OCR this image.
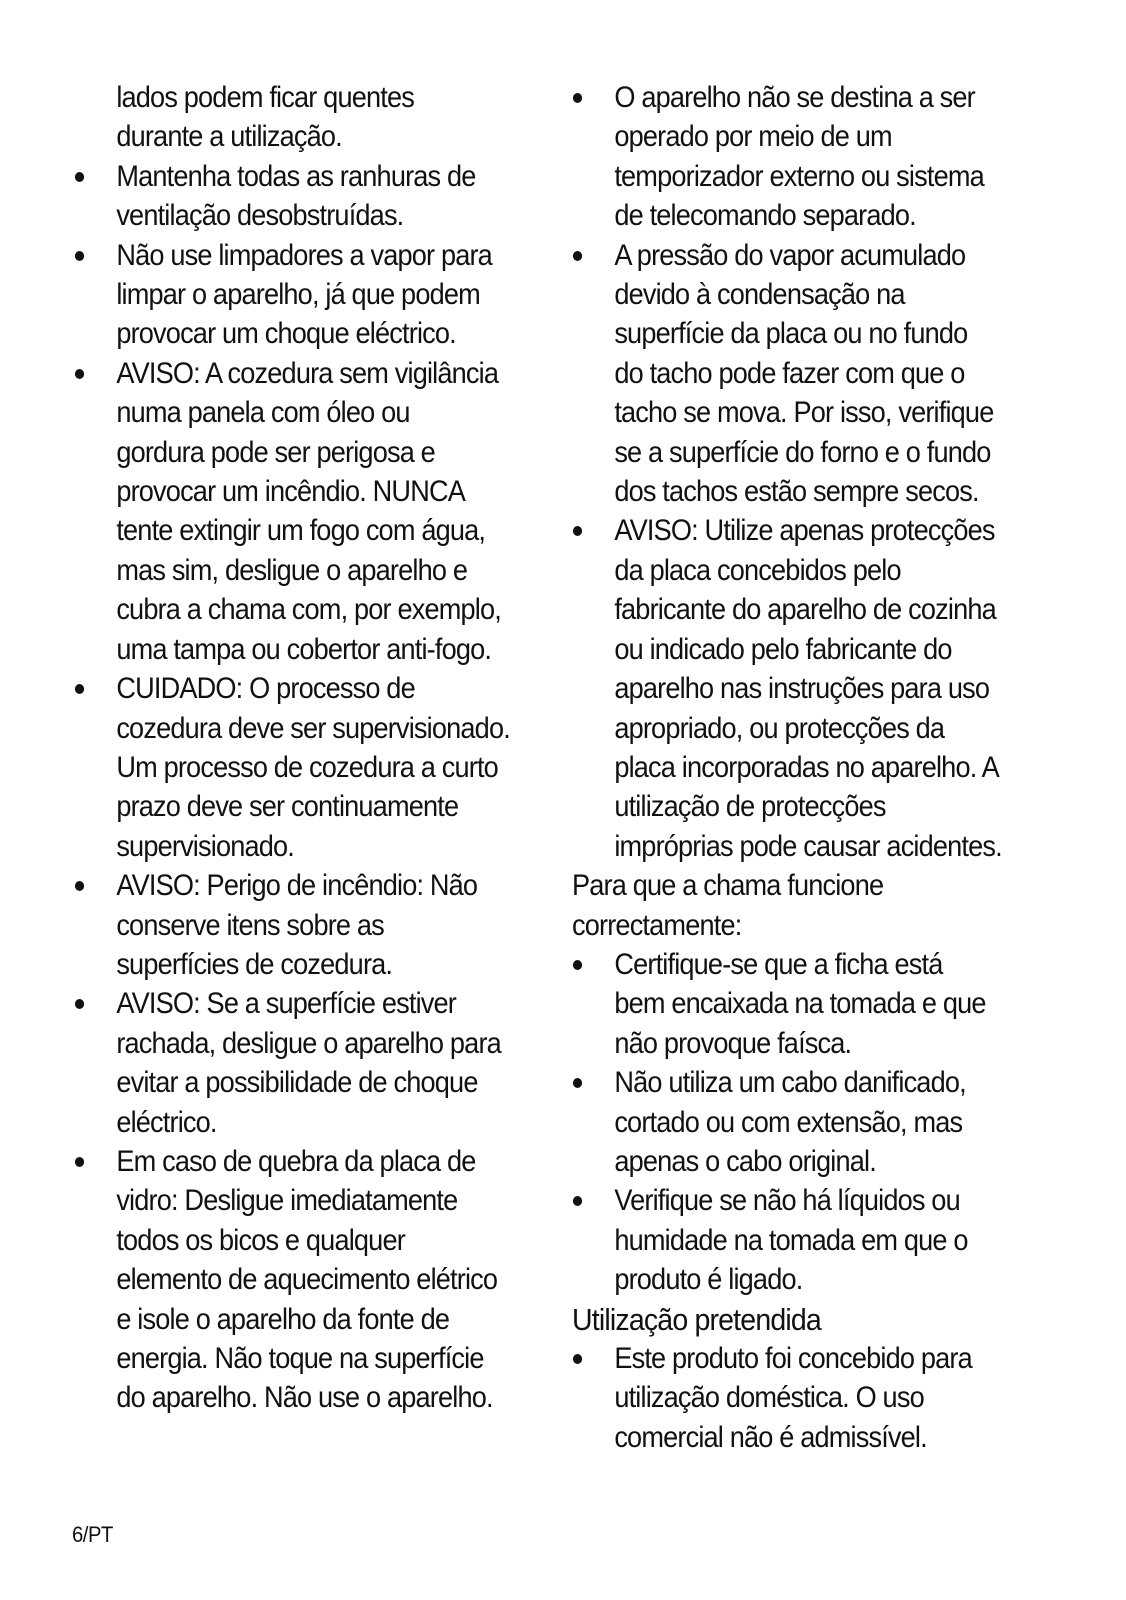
lados podem ficar quentes
durante a utilização.
Mantenha todas as ranhuras de
ventilação desobstruídas.
Não use limpadores a vapor para
limpar o aparelho, já que podem
provocar um choque eléctrico.
AVISO: A cozedura sem vigilância
numa panela com óleo ou
gordura pode ser perigosa e
provocar um incêndio. NUNCA
tente extingir um fogo com água,
mas sim, desligue o aparelho e
cubra a chama com, por exemplo,
uma tampa ou cobertor anti-fogo.
CUIDADO: O processo de
cozedura deve ser supervisionado.
Um processo de cozedura a curto
prazo deve ser continuamente
supervisionado.
AVISO: Perigo de incêndio: Não
conserve itens sobre as
superfícies de cozedura.
AVISO: Se a superfície estiver
rachada, desligue o aparelho para
evitar a possibilidade de choque
eléctrico.
Em caso de quebra da placa de
vidro: Desligue imediatamente
todos os bicos e qualquer
elemento de aquecimento elétrico
e isole o aparelho da fonte de
energia. Não toque na superfície
do aparelho. Não use o aparelho.
O aparelho não se destina a ser
operado por meio de um
temporizador externo ou sistema
de telecomando separado.
A pressão do vapor acumulado
devido à condensação na
superfície da placa ou no fundo
do tacho pode fazer com que o
tacho se mova. Por isso, verifique
se a superfície do forno e o fundo
dos tachos estão sempre secos.
AVISO: Utilize apenas protecções
da placa concebidos pelo
fabricante do aparelho de cozinha
ou indicado pelo fabricante do
aparelho nas instruções para uso
apropriado, ou protecções da
placa incorporadas no aparelho. A
utilização de protecções
impróprias pode causar acidentes.
Para que a chama funcione
correctamente:
Certifique-se que a ficha está
bem encaixada na tomada e que
não provoque faísca.
Não utiliza um cabo danificado,
cortado ou com extensão, mas
apenas o cabo original.
Verifique se não há líquidos ou
humidade na tomada em que o
produto é ligado.
Utilização pretendida
Este produto foi concebido para
utilização doméstica. O uso
comercial não é admissível.
6/PT
